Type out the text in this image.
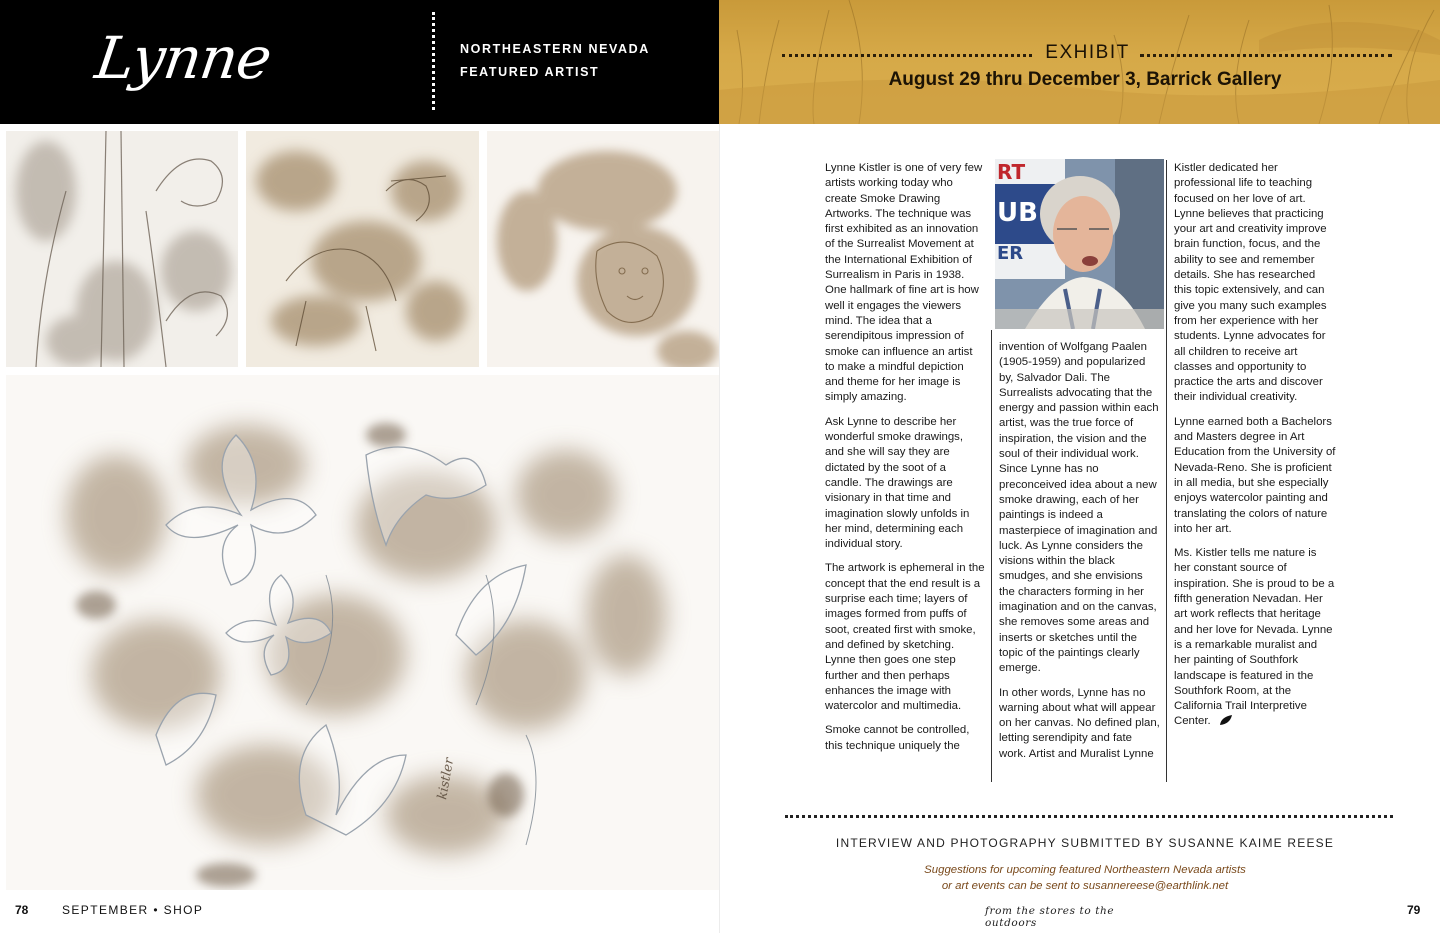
Lynne	NORTHEASTERN NEVADA
FEATURED ARTIST
EXHIBIT
August 29 thru December 3, Barrick Gallery
kistler

Lynne Kistler is one of very few artists working today who create Smoke Drawing Artworks. The technique was first exhibited as an innovation of the Surrealist Movement at the International Exhibition of Surrealism in Paris in 1938. One hallmark of fine art is how well it engages the viewers mind. The idea that a serendipitous impression of smoke can influence an artist to make a mindful depiction and theme for her image is simply amazing.

Ask Lynne to describe her wonderful smoke drawings, and she will say they are dictated by the soot of a candle. The drawings are visionary in that time and imagination slowly unfolds in her mind, determining each individual story.

The artwork is ephemeral in the concept that the end result is a surprise each time; layers of images formed from puffs of soot, created first with smoke, and defined by sketching. Lynne then goes one step further and then perhaps enhances the image with watercolor and multimedia.

Smoke cannot be controlled, this technique uniquely the

RT
UB
ER

invention of Wolfgang Paalen (1905-1959) and popularized by, Salvador Dali. The Surrealists advocating that the energy and passion within each artist, was the true force of inspiration, the vision and the soul of their individual work. Since Lynne has no preconceived idea about a new smoke drawing, each of her paintings is indeed a masterpiece of imagination and luck. As Lynne considers the visions within the black smudges, and she envisions the characters forming in her imagination and on the canvas, she removes some areas and inserts or sketches until the topic of the paintings clearly emerge.

In other words, Lynne has no warning about what will appear on her canvas. No defined plan, letting serendipity and fate work. Artist and Muralist Lynne

Kistler dedicated her professional life to teaching focused on her love of art. Lynne believes that practicing your art and creativity improve brain function, focus, and the ability to see and remember details. She has researched this topic extensively, and can give you many such examples from her experience with her students. Lynne advocates for all children to receive art classes and opportunity to practice the arts and discover their individual creativity.

Lynne earned both a Bachelors and Masters degree in Art Education from the University of Nevada-Reno. She is proficient in all media, but she especially enjoys watercolor painting and translating the colors of nature into her art.

Ms. Kistler tells me nature is her constant source of inspiration. She is proud to be a fifth generation Nevadan. Her art work reflects that heritage and her love for Nevada. Lynne is a remarkable muralist and her painting of Southfork landscape is featured in the Southfork Room, at the California Trail Interpretive Center.

INTERVIEW AND PHOTOGRAPHY SUBMITTED BY SUSANNE KAIME REESE
Suggestions for upcoming featured Northeastern Nevada artists
or art events can be sent to susannereese@earthlink.net
78	SEPTEMBER • SHOP	from the stores to the outdoors
79
